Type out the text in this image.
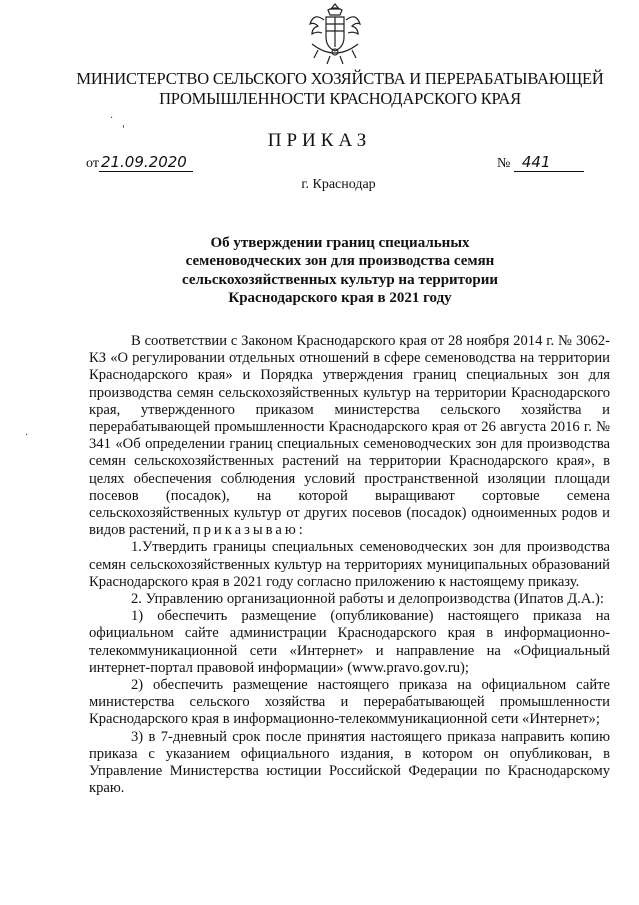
МИНИСТЕРСТВО СЕЛЬСКОГО ХОЗЯЙСТВА И ПЕРЕРАБАТЫВАЮЩЕЙ
ПРОМЫШЛЕННОСТИ КРАСНОДАРСКОГО КРАЯ
·
'
ПРИКАЗ
от 21.09.2020	№ 441
г. Краснодар
Об утверждении границ специальных
семеноводческих зон для производства семян
сельскохозяйственных культур на территории
Краснодарского края в 2021 году
·

В соответствии с Законом Краснодарского края от 28 ноября 2014 г. № 3062-КЗ «О регулировании отдельных отношений в сфере семеноводства на территории Краснодарского края» и Порядка утверждения границ специальных зон для производства семян сельскохозяйственных культур на территории Краснодарского края, утвержденного приказом министерства сельского хозяйства и перерабатывающей промышленности Краснодарского края от 26 августа 2016 г. № 341 «Об определении границ специальных семеноводческих зон для производства семян сельскохозяйственных растений на территории Краснодарского края», в целях обеспечения соблюдения условий пространственной изоляции площади посевов (посадок), на которой выращивают сортовые семена сельскохозяйственных культур от других посевов (посадок) одноименных родов и видов растений, приказываю:

1.Утвердить границы специальных семеноводческих зон для производства семян сельскохозяйственных культур на территориях муниципальных образований Краснодарского края в 2021 году согласно приложению к настоящему приказу.

2. Управлению организационной работы и делопроизводства (Ипатов Д.А.):

1) обеспечить размещение (опубликование) настоящего приказа на официальном сайте администрации Краснодарского края в информационно-телекоммуникационной сети «Интернет» и направление на «Официальный интернет-портал правовой информации» (www.pravo.gov.ru);

2) обеспечить размещение настоящего приказа на официальном сайте министерства сельского хозяйства и перерабатывающей промышленности Краснодарского края в информационно-телекоммуникационной сети «Интернет»;

3) в 7-дневный срок после принятия настоящего приказа направить копию приказа с указанием официального издания, в котором он опубликован, в Управление Министерства юстиции Российской Федерации по Краснодарскому краю.
